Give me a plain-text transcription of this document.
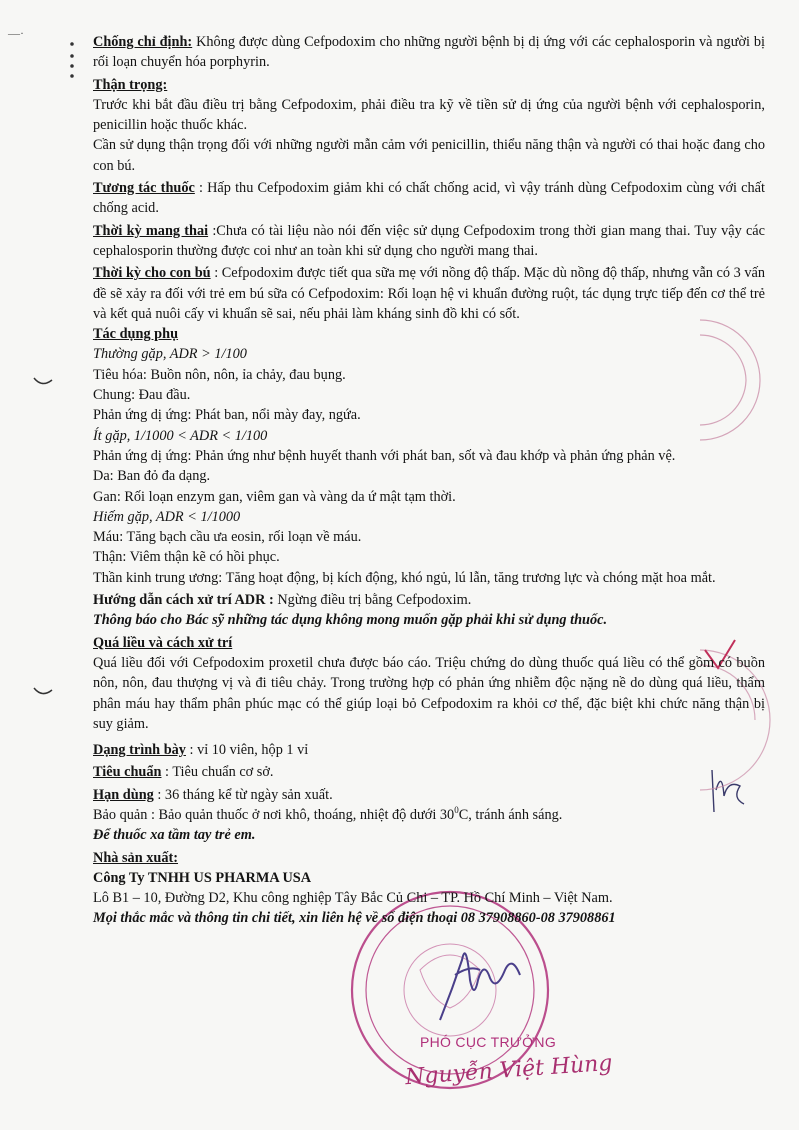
—·

Chống chỉ định: Không được dùng Cefpodoxim cho những người bệnh bị dị ứng với các cephalosporin và người bị rối loạn chuyển hóa porphyrin.

Thận trọng:

Trước khi bắt đầu điều trị bằng Cefpodoxim, phải điều tra kỹ về tiền sử dị ứng của người bệnh với cephalosporin, penicillin hoặc thuốc khác.

Cần sử dụng thận trọng đối với những người mẫn cảm với penicillin, thiểu năng thận và người có thai hoặc đang cho con bú.

Tương tác thuốc : Hấp thu Cefpodoxim giảm khi có chất chống acid, vì vậy tránh dùng Cefpodoxim cùng với chất chống acid.

Thời kỳ mang thai :Chưa có tài liệu nào nói đến việc sử dụng Cefpodoxim trong thời gian mang thai. Tuy vậy các cephalosporin thường được coi như an toàn khi sử dụng cho người mang thai.

Thời kỳ cho con bú : Cefpodoxim được tiết qua sữa mẹ với nồng độ thấp. Mặc dù nồng độ thấp, nhưng vẫn có 3 vấn đề sẽ xảy ra đối với trẻ em bú sữa có Cefpodoxim: Rối loạn hệ vi khuẩn đường ruột, tác dụng trực tiếp đến cơ thể trẻ và kết quả nuôi cấy vi khuẩn sẽ sai, nếu phải làm kháng sinh đồ khi có sốt.

Tác dụng phụ

Thường gặp, ADR > 1/100

Tiêu hóa: Buồn nôn, nôn, ỉa chảy, đau bụng.

Chung: Đau đầu.

Phản ứng dị ứng: Phát ban, nổi mày đay, ngứa.

Ít gặp, 1/1000 < ADR < 1/100

Phản ứng dị ứng: Phản ứng như bệnh huyết thanh với phát ban, sốt và đau khớp và phản ứng phản vệ.

Da: Ban đỏ đa dạng.

Gan: Rối loạn enzym gan, viêm gan và vàng da ứ mật tạm thời.

Hiếm gặp, ADR < 1/1000

Máu: Tăng bạch cầu ưa eosin, rối loạn về máu.

Thận: Viêm thận kẽ có hồi phục.

Thần kinh trung ương: Tăng hoạt động, bị kích động, khó ngủ, lú lẫn, tăng trương lực và chóng mặt hoa mắt.

Hướng dẫn cách xử trí ADR : Ngừng điều trị bằng Cefpodoxim.

Thông báo cho Bác sỹ những tác dụng không mong muốn gặp phải khi sử dụng thuốc.

Quá liều và cách xử trí

Quá liều đối với Cefpodoxim proxetil chưa được báo cáo. Triệu chứng do dùng thuốc quá liều có thể gồm có buồn nôn, nôn, đau thượng vị và đi tiêu chảy. Trong trường hợp có phản ứng nhiễm độc nặng nề do dùng quá liều, thẩm phân máu hay thẩm phân phúc mạc có thể giúp loại bỏ Cefpodoxim ra khỏi cơ thể, đặc biệt khi chức năng thận bị suy giảm.

Dạng trình bày : vỉ 10 viên, hộp 1 vỉ

Tiêu chuẩn : Tiêu chuẩn cơ sở.

Hạn dùng : 36 tháng kể từ ngày sản xuất.

Bảo quản : Bảo quản thuốc ở nơi khô, thoáng, nhiệt độ dưới $30^0C$, tránh ánh sáng.

Để thuốc xa tầm tay trẻ em.

Nhà sản xuất:

Công Ty TNHH US PHARMA USA

Lô B1 – 10, Đường D2, Khu công nghiệp Tây Bắc Củ Chi – TP. Hồ Chí Minh – Việt Nam.

Mọi thắc mắc và thông tin chi tiết, xin liên hệ về số điện thoại 08 37908860-08 37908861

PHÓ CỤC TRƯỞNG
Nguyễn Việt Hùng
